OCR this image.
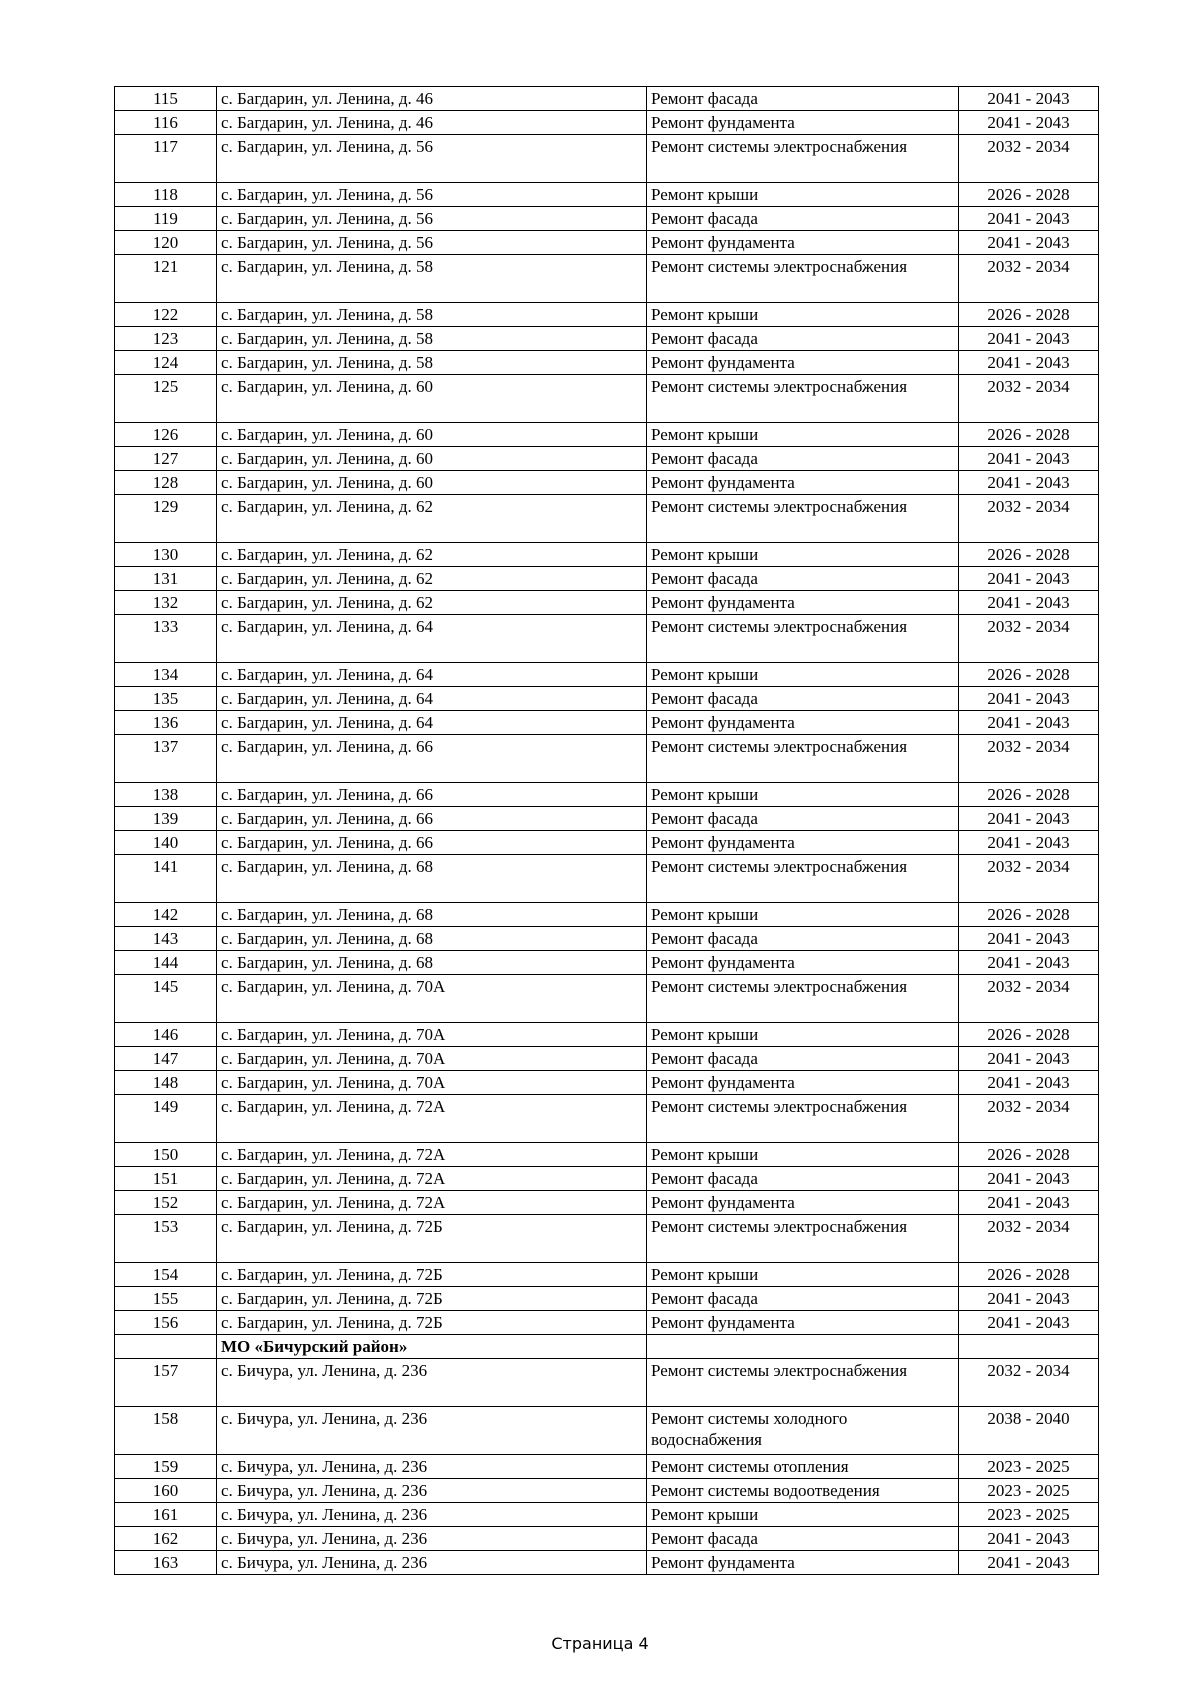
115	с. Багдарин, ул. Ленина, д. 46	Ремонт фасада	2041 - 2043
116	с. Багдарин, ул. Ленина, д. 46	Ремонт фундамента	2041 - 2043
117	с. Багдарин, ул. Ленина, д. 56	Ремонт системы электроснабжения	2032 - 2034
118	с. Багдарин, ул. Ленина, д. 56	Ремонт крыши	2026 - 2028
119	с. Багдарин, ул. Ленина, д. 56	Ремонт фасада	2041 - 2043
120	с. Багдарин, ул. Ленина, д. 56	Ремонт фундамента	2041 - 2043
121	с. Багдарин, ул. Ленина, д. 58	Ремонт системы электроснабжения	2032 - 2034
122	с. Багдарин, ул. Ленина, д. 58	Ремонт крыши	2026 - 2028
123	с. Багдарин, ул. Ленина, д. 58	Ремонт фасада	2041 - 2043
124	с. Багдарин, ул. Ленина, д. 58	Ремонт фундамента	2041 - 2043
125	с. Багдарин, ул. Ленина, д. 60	Ремонт системы электроснабжения	2032 - 2034
126	с. Багдарин, ул. Ленина, д. 60	Ремонт крыши	2026 - 2028
127	с. Багдарин, ул. Ленина, д. 60	Ремонт фасада	2041 - 2043
128	с. Багдарин, ул. Ленина, д. 60	Ремонт фундамента	2041 - 2043
129	с. Багдарин, ул. Ленина, д. 62	Ремонт системы электроснабжения	2032 - 2034
130	с. Багдарин, ул. Ленина, д. 62	Ремонт крыши	2026 - 2028
131	с. Багдарин, ул. Ленина, д. 62	Ремонт фасада	2041 - 2043
132	с. Багдарин, ул. Ленина, д. 62	Ремонт фундамента	2041 - 2043
133	с. Багдарин, ул. Ленина, д. 64	Ремонт системы электроснабжения	2032 - 2034
134	с. Багдарин, ул. Ленина, д. 64	Ремонт крыши	2026 - 2028
135	с. Багдарин, ул. Ленина, д. 64	Ремонт фасада	2041 - 2043
136	с. Багдарин, ул. Ленина, д. 64	Ремонт фундамента	2041 - 2043
137	с. Багдарин, ул. Ленина, д. 66	Ремонт системы электроснабжения	2032 - 2034
138	с. Багдарин, ул. Ленина, д. 66	Ремонт крыши	2026 - 2028
139	с. Багдарин, ул. Ленина, д. 66	Ремонт фасада	2041 - 2043
140	с. Багдарин, ул. Ленина, д. 66	Ремонт фундамента	2041 - 2043
141	с. Багдарин, ул. Ленина, д. 68	Ремонт системы электроснабжения	2032 - 2034
142	с. Багдарин, ул. Ленина, д. 68	Ремонт крыши	2026 - 2028
143	с. Багдарин, ул. Ленина, д. 68	Ремонт фасада	2041 - 2043
144	с. Багдарин, ул. Ленина, д. 68	Ремонт фундамента	2041 - 2043
145	с. Багдарин, ул. Ленина, д. 70А	Ремонт системы электроснабжения	2032 - 2034
146	с. Багдарин, ул. Ленина, д. 70А	Ремонт крыши	2026 - 2028
147	с. Багдарин, ул. Ленина, д. 70А	Ремонт фасада	2041 - 2043
148	с. Багдарин, ул. Ленина, д. 70А	Ремонт фундамента	2041 - 2043
149	с. Багдарин, ул. Ленина, д. 72А	Ремонт системы электроснабжения	2032 - 2034
150	с. Багдарин, ул. Ленина, д. 72А	Ремонт крыши	2026 - 2028
151	с. Багдарин, ул. Ленина, д. 72А	Ремонт фасада	2041 - 2043
152	с. Багдарин, ул. Ленина, д. 72А	Ремонт фундамента	2041 - 2043
153	с. Багдарин, ул. Ленина, д. 72Б	Ремонт системы электроснабжения	2032 - 2034
154	с. Багдарин, ул. Ленина, д. 72Б	Ремонт крыши	2026 - 2028
155	с. Багдарин, ул. Ленина, д. 72Б	Ремонт фасада	2041 - 2043
156	с. Багдарин, ул. Ленина, д. 72Б	Ремонт фундамента	2041 - 2043
	МО «Бичурский район»		
157	с. Бичура, ул. Ленина, д. 236	Ремонт системы электроснабжения	2032 - 2034
158	с. Бичура, ул. Ленина, д. 236	Ремонт системы холодного водоснабжения	2038 - 2040
159	с. Бичура, ул. Ленина, д. 236	Ремонт системы отопления	2023 - 2025
160	с. Бичура, ул. Ленина, д. 236	Ремонт системы водоотведения	2023 - 2025
161	с. Бичура, ул. Ленина, д. 236	Ремонт крыши	2023 - 2025
162	с. Бичура, ул. Ленина, д. 236	Ремонт фасада	2041 - 2043
163	с. Бичура, ул. Ленина, д. 236	Ремонт фундамента	2041 - 2043
Страница 4
